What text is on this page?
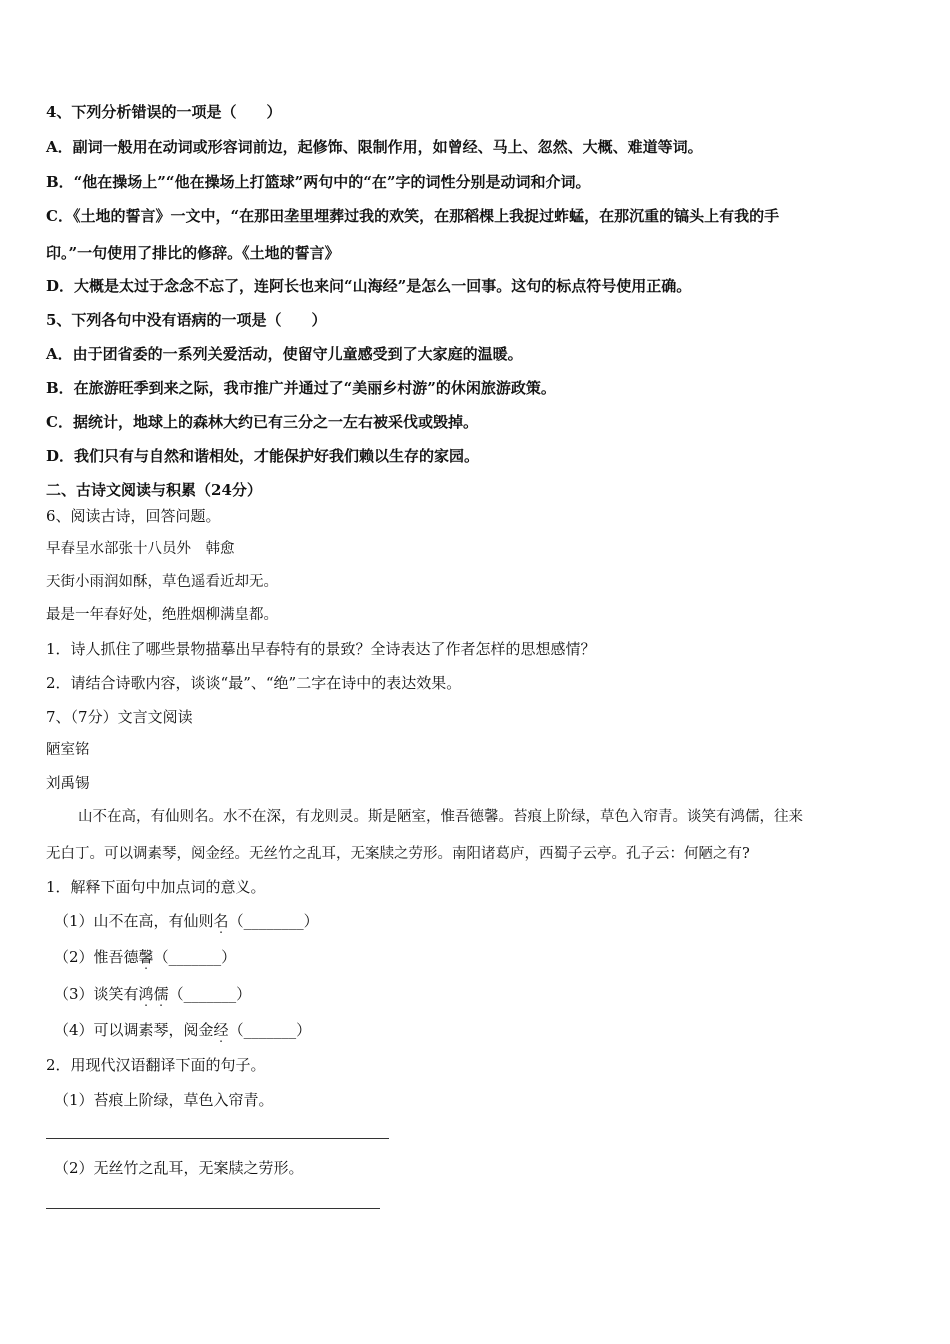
4、下列分析错误的一项是（　　）
A．副词一般用在动词或形容词前边，起修饰、限制作用，如曾经、马上、忽然、大概、难道等词。
B．“他在操场上”“他在操场上打篮球”两句中的“在”字的词性分别是动词和介词。
C．《土地的誓言》一文中，“在那田垄里埋葬过我的欢笑，在那稻棵上我捉过蚱蜢，在那沉重的镐头上有我的手
印。”一句使用了排比的修辞。《土地的誓言》
D．大概是太过于念念不忘了，连阿长也来问“山海经”是怎么一回事。这句的标点符号使用正确。
5、下列各句中没有语病的一项是（　　）
A．由于团省委的一系列关爱活动，使留守儿童感受到了大家庭的温暖。
B．在旅游旺季到来之际，我市推广并通过了“美丽乡村游”的休闲旅游政策。
C．据统计，地球上的森林大约已有三分之一左右被采伐或毁掉。
D．我们只有与自然和谐相处，才能保护好我们赖以生存的家园。
二、古诗文阅读与积累（24分）
6、阅读古诗，回答问题。
早春呈水部张十八员外　韩愈
天街小雨润如酥，草色遥看近却无。
最是一年春好处，绝胜烟柳满皇都。
1．诗人抓住了哪些景物描摹出早春特有的景致？全诗表达了作者怎样的思想感情？
2．请结合诗歌内容，谈谈“最”、“绝”二字在诗中的表达效果。
7、（7分）文言文阅读
陋室铭
刘禹锡
山不在高，有仙则名。水不在深，有龙则灵。斯是陋室，惟吾德馨。苔痕上阶绿，草色入帘青。谈笑有鸿儒，往来
无白丁。可以调素琴，阅金经。无丝竹之乱耳，无案牍之劳形。南阳诸葛庐，西蜀子云亭。孔子云：何陋之有?
1．解释下面句中加点词的意义。
（1）山不在高，有仙则名（________）
（2）惟吾德馨（_______）
（3）谈笑有鸿儒（_______）
（4）可以调素琴，阅金经（_______）
2．用现代汉语翻译下面的句子。
（1）苔痕上阶绿，草色入帘青。
（2）无丝竹之乱耳，无案牍之劳形。
